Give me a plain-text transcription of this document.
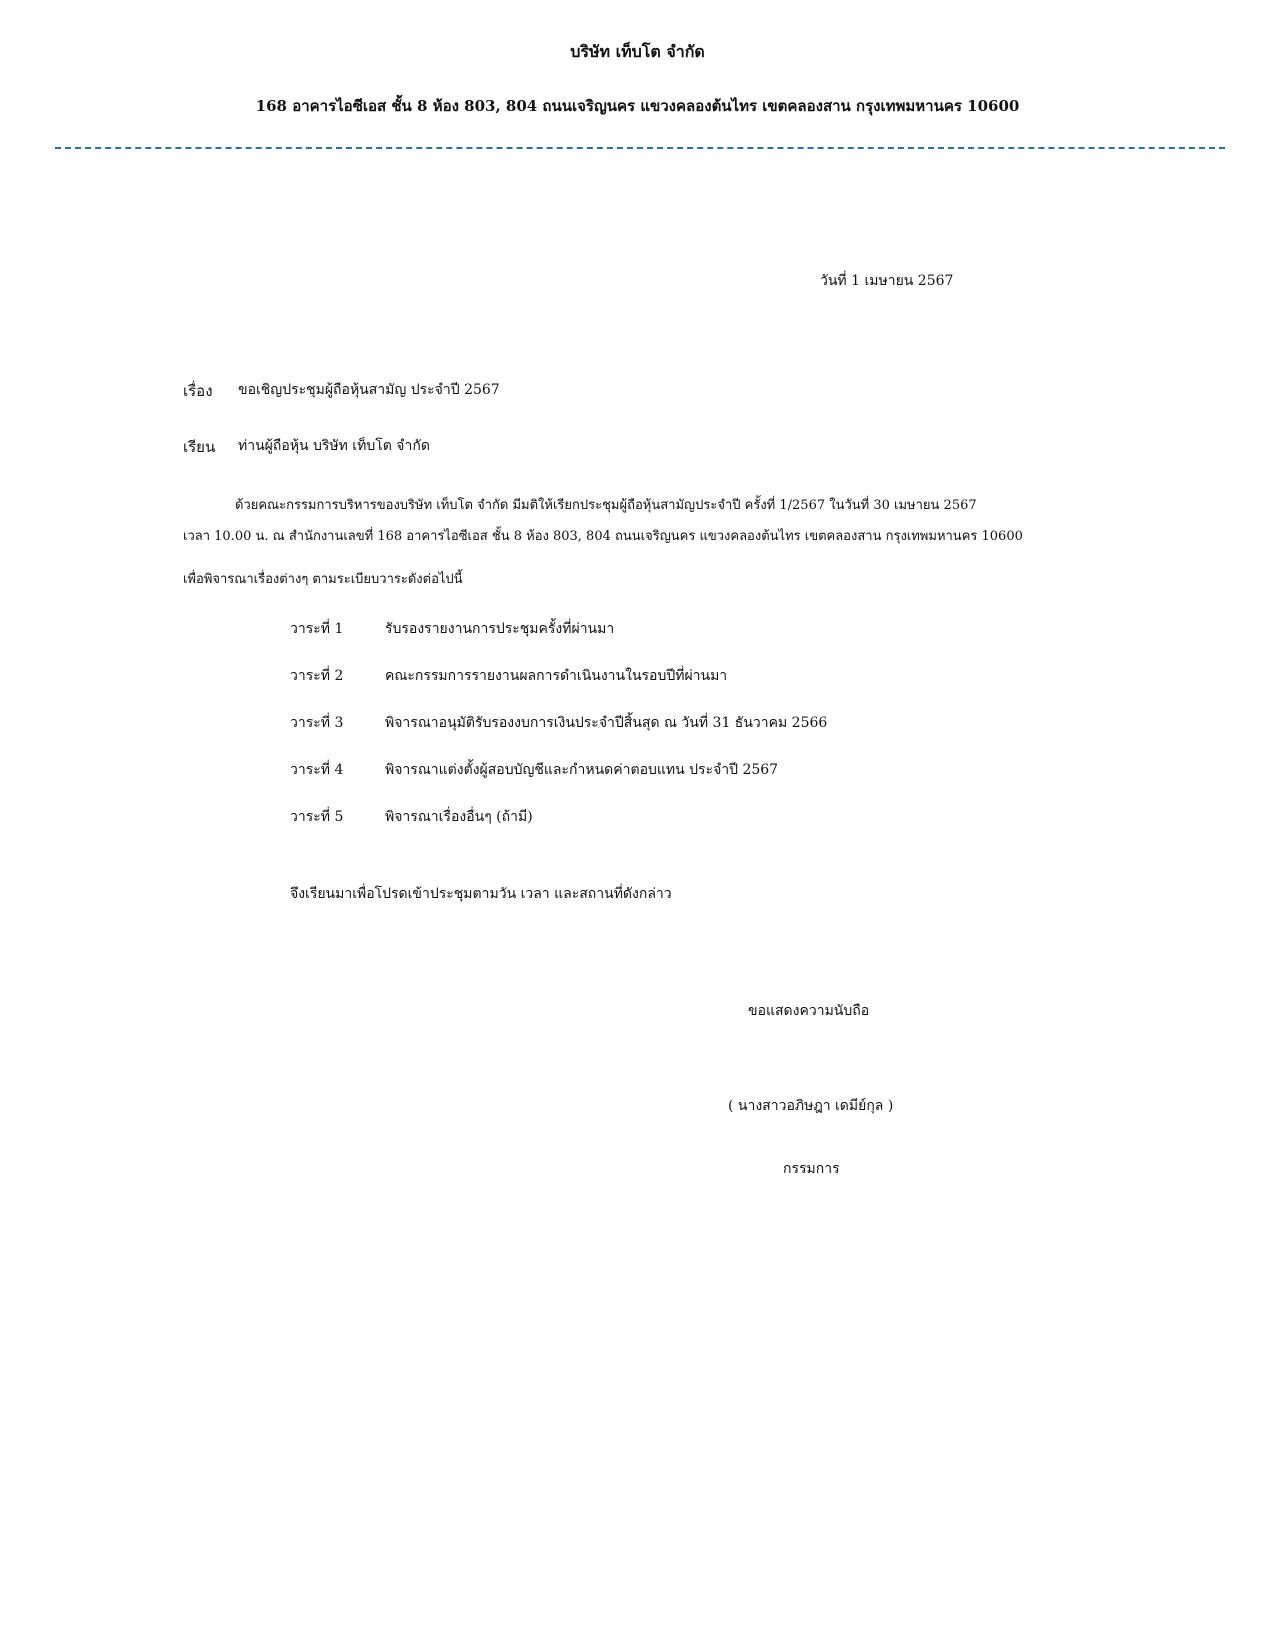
บริษัท เท็บโต จำกัด
168 อาคารไอซีเอส ชั้น 8 ห้อง 803, 804 ถนนเจริญนคร แขวงคลองต้นไทร เขตคลองสาน กรุงเทพมหานคร 10600
วันที่ 1 เมษายน 2567
เรื่อง ขอเชิญประชุมผู้ถือหุ้นสามัญ ประจำปี 2567
เรียน ท่านผู้ถือหุ้น บริษัท เท็บโต จำกัด
ด้วยคณะกรรมการบริหารของบริษัท เท็บโต จำกัด มีมติให้เรียกประชุมผู้ถือหุ้นสามัญประจำปี ครั้งที่ 1/2567 ในวันที่ 30 เมษายน 2567
เวลา 10.00 น. ณ สำนักงานเลขที่ 168 อาคารไอซีเอส ชั้น 8 ห้อง 803, 804 ถนนเจริญนคร แขวงคลองต้นไทร เขตคลองสาน กรุงเทพมหานคร 10600
เพื่อพิจารณาเรื่องต่างๆ ตามระเบียบวาระดังต่อไปนี้
วาระที่ 1	รับรองรายงานการประชุมครั้งที่ผ่านมา
วาระที่ 2	คณะกรรมการรายงานผลการดำเนินงานในรอบปีที่ผ่านมา
วาระที่ 3	พิจารณาอนุมัติรับรองงบการเงินประจำปีสิ้นสุด ณ วันที่ 31 ธันวาคม 2566
วาระที่ 4	พิจารณาแต่งตั้งผู้สอบบัญชีและกำหนดค่าตอบแทน ประจำปี 2567
วาระที่ 5	พิจารณาเรื่องอื่นๆ (ถ้ามี)
จึงเรียนมาเพื่อโปรดเข้าประชุมตามวัน เวลา และสถานที่ดังกล่าว
ขอแสดงความนับถือ
( นางสาวอภิษฎา เดมีย์กุล )
กรรมการ
